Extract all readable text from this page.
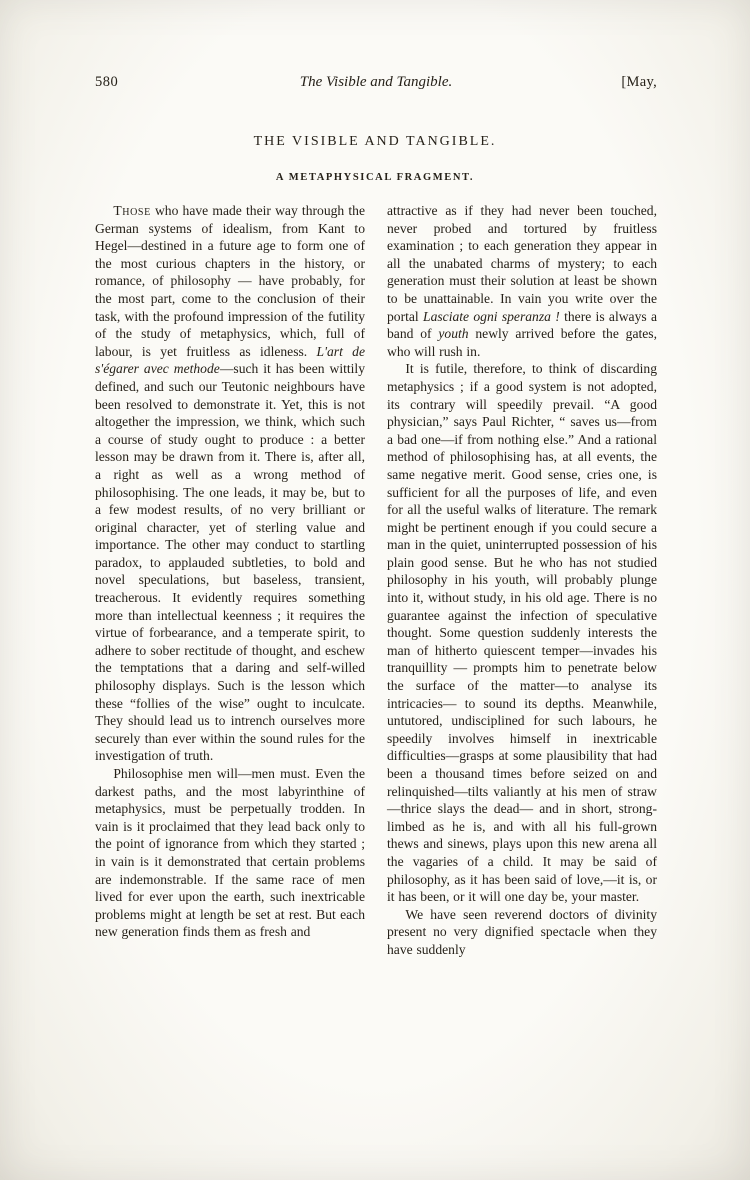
580	The Visible and Tangible.	[May,
THE VISIBLE AND TANGIBLE.
A METAPHYSICAL FRAGMENT.

Those who have made their way through the German systems of idealism, from Kant to Hegel—destined in a future age to form one of the most curious chapters in the history, or romance, of philosophy — have probably, for the most part, come to the conclusion of their task, with the profound impression of the futility of the study of metaphysics, which, full of labour, is yet fruitless as idleness. L'art de s'égarer avec methode—such it has been wittily defined, and such our Teutonic neighbours have been resolved to demonstrate it. Yet, this is not altogether the impression, we think, which such a course of study ought to produce : a better lesson may be drawn from it. There is, after all, a right as well as a wrong method of philosophising. The one leads, it may be, but to a few modest results, of no very brilliant or original character, yet of sterling value and importance. The other may conduct to startling paradox, to applauded subtleties, to bold and novel speculations, but baseless, transient, treacherous. It evidently requires something more than intellectual keenness ; it requires the virtue of forbearance, and a temperate spirit, to adhere to sober rectitude of thought, and eschew the temptations that a daring and self-willed philosophy displays. Such is the lesson which these “follies of the wise” ought to inculcate. They should lead us to intrench ourselves more securely than ever within the sound rules for the investigation of truth.

Philosophise men will—men must. Even the darkest paths, and the most labyrinthine of metaphysics, must be perpetually trodden. In vain is it proclaimed that they lead back only to the point of ignorance from which they started ; in vain is it demonstrated that certain problems are indemonstrable. If the same race of men lived for ever upon the earth, such inextricable problems might at length be set at rest. But each new generation finds them as fresh and

attractive as if they had never been touched, never probed and tortured by fruitless examination ; to each generation they appear in all the unabated charms of mystery; to each generation must their solution at least be shown to be unattainable. In vain you write over the portal Lasciate ogni speranza ! there is always a band of youth newly arrived before the gates, who will rush in.

It is futile, therefore, to think of discarding metaphysics ; if a good system is not adopted, its contrary will speedily prevail. “A good physician,” says Paul Richter, “ saves us—from a bad one—if from nothing else.” And a rational method of philosophising has, at all events, the same negative merit. Good sense, cries one, is sufficient for all the purposes of life, and even for all the useful walks of literature. The remark might be pertinent enough if you could secure a man in the quiet, uninterrupted possession of his plain good sense. But he who has not studied philosophy in his youth, will probably plunge into it, without study, in his old age. There is no guarantee against the infection of speculative thought. Some question suddenly interests the man of hitherto quiescent temper—invades his tranquillity — prompts him to penetrate below the surface of the matter—to analyse its intricacies— to sound its depths. Meanwhile, untutored, undisciplined for such labours, he speedily involves himself in inextricable difficulties—grasps at some plausibility that had been a thousand times before seized on and relinquished—tilts valiantly at his men of straw—thrice slays the dead— and in short, strong-limbed as he is, and with all his full-grown thews and sinews, plays upon this new arena all the vagaries of a child. It may be said of philosophy, as it has been said of love,—it is, or it has been, or it will one day be, your master.

We have seen reverend doctors of divinity present no very dignified spectacle when they have suddenly
